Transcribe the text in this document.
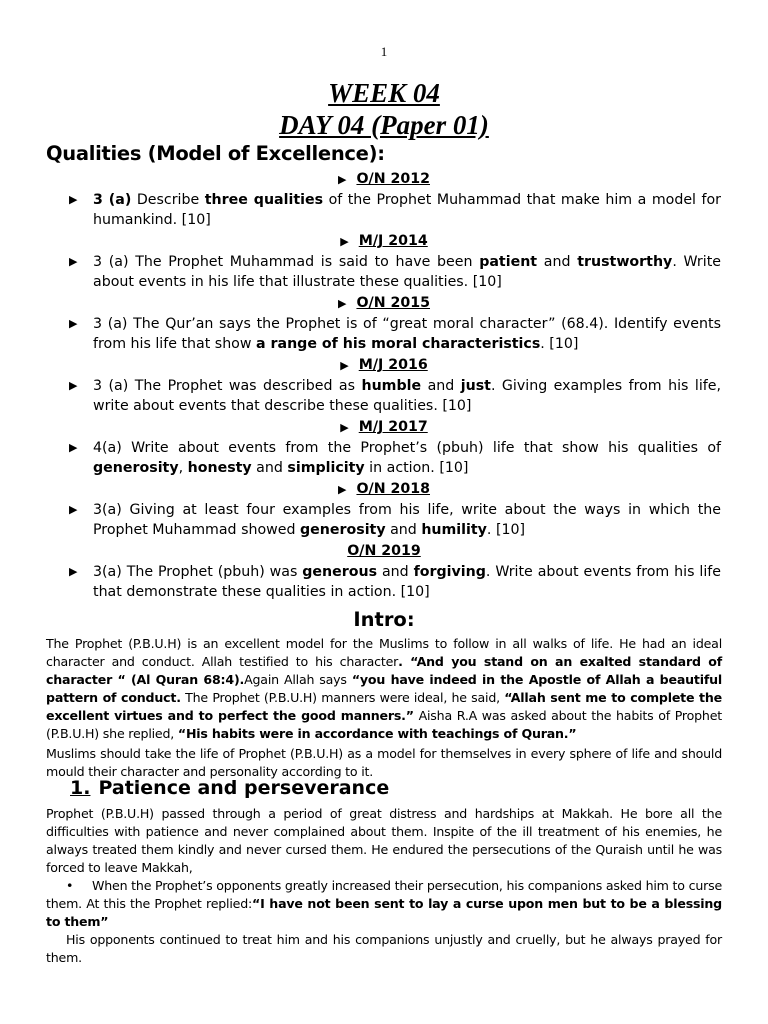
1
WEEK 04
DAY 04 (Paper 01)
Qualities (Model of Excellence):
▶ O/N 2012
▶ 3 (a) Describe three qualities of the Prophet Muhammad that make him a model for humankind. [10]
▶ M/J 2014
▶ 3 (a) The Prophet Muhammad is said to have been patient and trustworthy. Write about events in his life that illustrate these qualities. [10]
▶ O/N 2015
▶ 3 (a) The Qur’an says the Prophet is of “great moral character” (68.4). Identify events from his life that show a range of his moral characteristics. [10]
▶ M/J 2016
▶ 3 (a) The Prophet was described as humble and just. Giving examples from his life, write about events that describe these qualities. [10]
▶ M/J 2017
▶ 4(a) Write about events from the Prophet’s (pbuh) life that show his qualities of generosity, honesty and simplicity in action. [10]
▶ O/N 2018
▶ 3(a) Giving at least four examples from his life, write about the ways in which the Prophet Muhammad showed generosity and humility. [10]
O/N 2019
▶ 3(a) The Prophet (pbuh) was generous and forgiving. Write about events from his life that demonstrate these qualities in action. [10]
Intro:
The Prophet (P.B.U.H) is an excellent model for the Muslims to follow in all walks of life. He had an ideal character and conduct. Allah testified to his character. “And you stand on an exalted standard of character “ (Al Quran 68:4).Again Allah says “you have indeed in the Apostle of Allah a beautiful pattern of conduct. The Prophet (P.B.U.H) manners were ideal, he said, “Allah sent me to complete the excellent virtues and to perfect the good manners.” Aisha R.A was asked about the habits of Prophet (P.B.U.H) she replied, “His habits were in accordance with teachings of Quran.”
Muslims should take the life of Prophet (P.B.U.H) as a model for themselves in every sphere of life and should mould their character and personality according to it.
1. Patience and perseverance
Prophet (P.B.U.H) passed through a period of great distress and hardships at Makkah. He bore all the difficulties with patience and never complained about them. Inspite of the ill treatment of his enemies, he always treated them kindly and never cursed them. He endured the persecutions of the Quraish until he was forced to leave Makkah,
• When the Prophet’s opponents greatly increased their persecution, his companions asked him to curse them. At this the Prophet replied:“I have not been sent to lay a curse upon men but to be a blessing to them”
His opponents continued to treat him and his companions unjustly and cruelly, but he always prayed for them.
